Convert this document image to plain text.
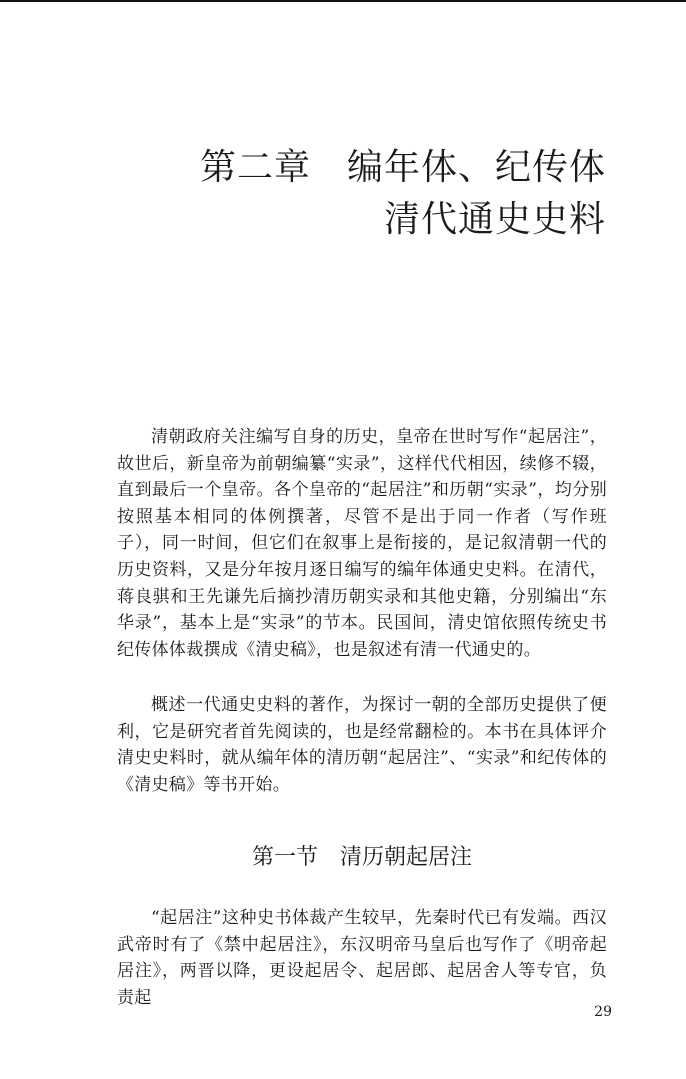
第二章 编年体、纪传体
清代通史史料

清朝政府关注编写自身的历史，皇帝在世时写作“起居注”，故世后，新皇帝为前朝编纂“实录”，这样代代相因，续修不辍，直到最后一个皇帝。各个皇帝的“起居注”和历朝“实录”，均分别按照基本相同的体例撰著，尽管不是出于同一作者（写作班子），同一时间，但它们在叙事上是衔接的，是记叙清朝一代的历史资料，又是分年按月逐日编写的编年体通史史料。在清代，蒋良骐和王先谦先后摘抄清历朝实录和其他史籍，分别编出“东华录”，基本上是“实录”的节本。民国间，清史馆依照传统史书纪传体体裁撰成《清史稿》，也是叙述有清一代通史的。

概述一代通史史料的著作，为探讨一朝的全部历史提供了便利，它是研究者首先阅读的，也是经常翻检的。本书在具体评介清史史料时，就从编年体的清历朝“起居注”、“实录”和纪传体的《清史稿》等书开始。

第一节 清历朝起居注

“起居注”这种史书体裁产生较早，先秦时代已有发端。西汉武帝时有了《禁中起居注》，东汉明帝马皇后也写作了《明帝起居注》，两晋以降，更设起居令、起居郎、起居舍人等专官，负责起

29
